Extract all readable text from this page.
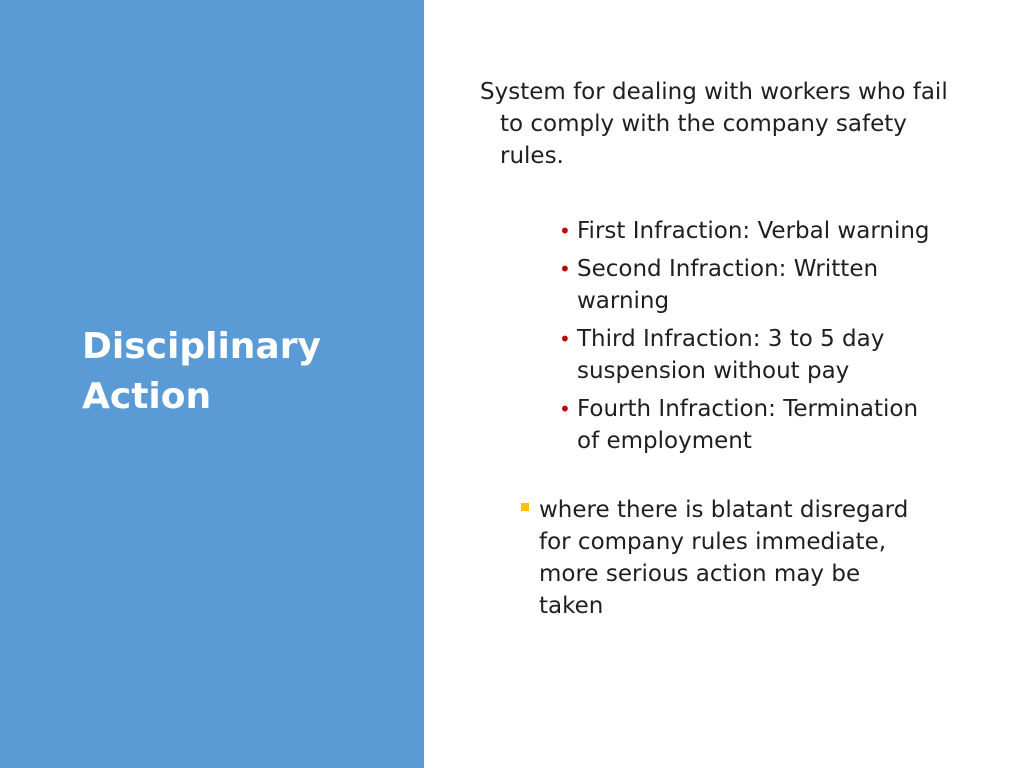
Disciplinary
Action

System for dealing with workers who fail to comply with the company safety rules.

• First Infraction: Verbal warning
• Second Infraction: Written warning
• Third Infraction: 3 to 5 day suspension without pay
• Fourth Infraction: Termination of employment
where there is blatant disregard for company rules immediate, more serious action may be taken
